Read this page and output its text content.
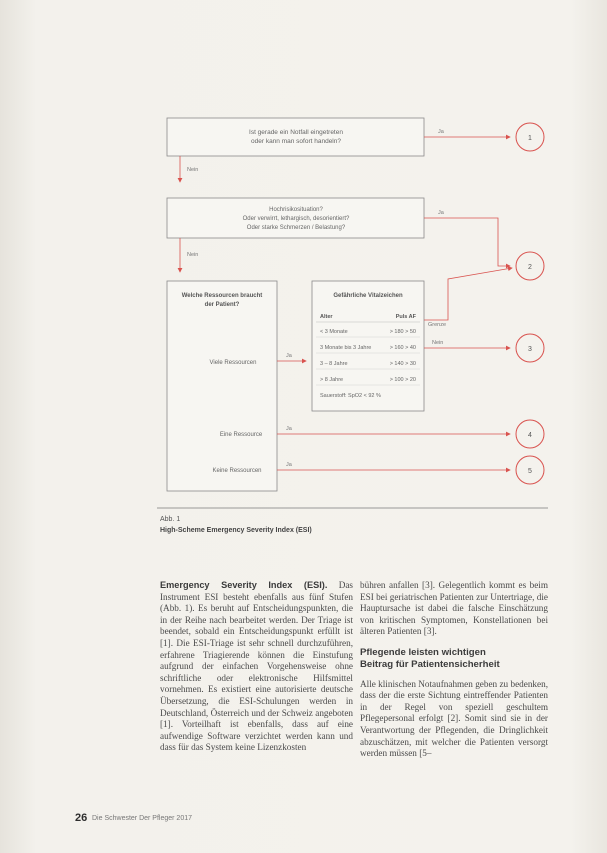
Ist gerade ein Notfall eingetreten
oder kann man sofort handeln?
Ja
1
Nein
Hochrisikosituation?
Oder verwirrt, lethargisch, desorientiert?
Oder starke Schmerzen / Belastung?
Ja
2
Nein
Welche Ressourcen braucht
der Patient?
Viele Ressourcen
Eine Ressource
Keine Ressourcen
Ja
Gefährliche Vitalzeichen
Alter	Puls AF
< 3 Monate	> 180 > 50
3 Monate bis 3 Jahre	> 160 > 40
3 – 8 Jahre	> 140 > 30
> 8 Jahre	> 100 > 20
Sauerstoff: SpO2 < 92 %
Grenze
Nein
3
Ja
4
Ja
5
Abb. 1
High-Scheme Emergency Severity Index (ESI)

Emergency Severity Index (ESI). Das Instrument ESI besteht ebenfalls aus fünf Stufen (Abb. 1). Es beruht auf Entscheidungspunkten, die in der Reihe nach bearbeitet werden. Der Triage ist beendet, sobald ein Entscheidungspunkt erfüllt ist [1]. Die ESI-Triage ist sehr schnell durchzuführen, erfahrene Triagierende können die Einstufung aufgrund der einfachen Vorgehensweise ohne schriftliche oder elektronische Hilfsmittel vornehmen. Es existiert eine autorisierte deutsche Übersetzung, die ESI-Schulungen werden in Deutschland, Österreich und der Schweiz angeboten [1]. Vorteilhaft ist ebenfalls, dass auf eine aufwendige Software verzichtet werden kann und dass für das System keine Lizenzkosten

bühren anfallen [3]. Gelegentlich kommt es beim ESI bei geriatrischen Patienten zur Untertriage, die Hauptursache ist dabei die falsche Einschätzung von kritischen Symptomen, Konstellationen bei älteren Patienten [3].

Pflegende leisten wichtigen
Beitrag für Patientensicherheit

Alle klinischen Notaufnahmen geben zu bedenken, dass der die erste Sichtung eintreffender Patienten in der Regel von speziell geschultem Pflegepersonal erfolgt [2]. Somit sind sie in der Verantwortung der Pflegenden, die Dringlichkeit abzuschätzen, mit welcher die Patienten versorgt werden müssen [5–

26 Die Schwester Der Pfleger 2017
